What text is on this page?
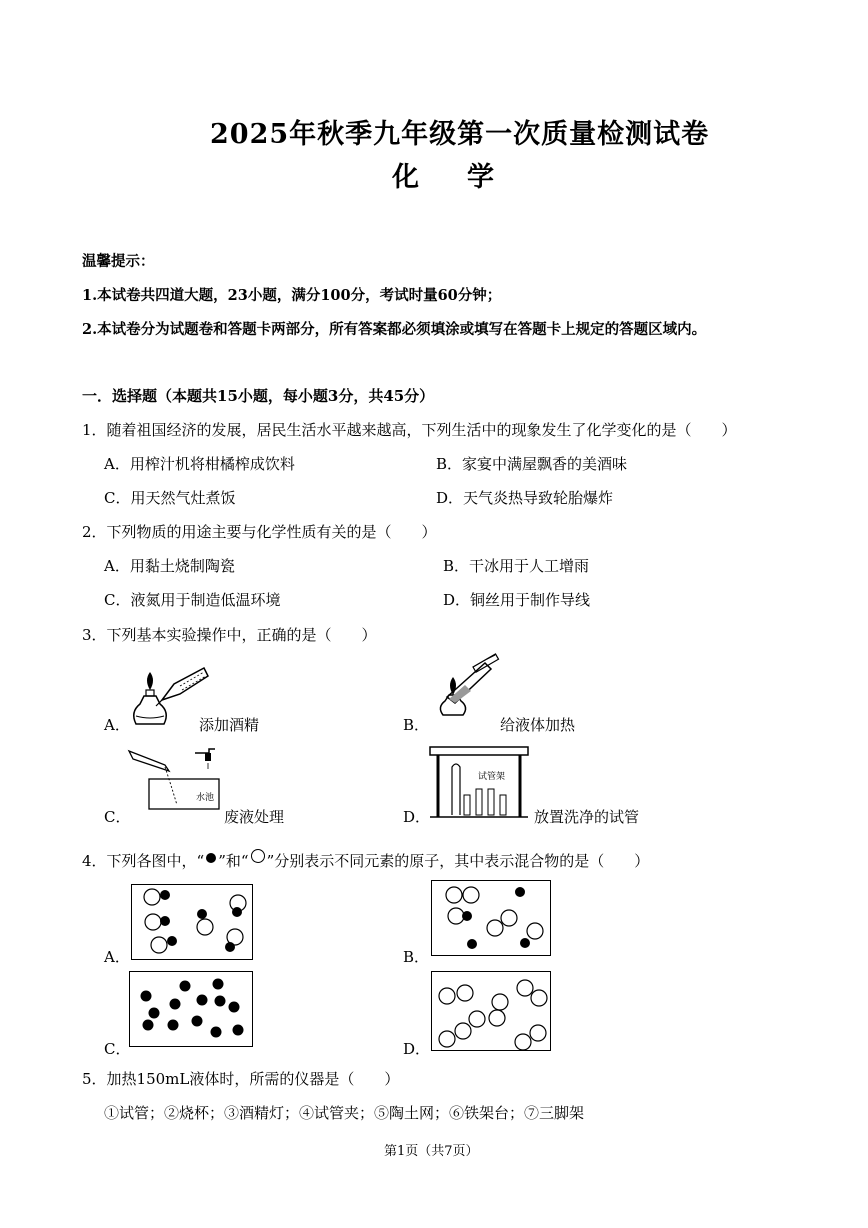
2025年秋季九年级第一次质量检测试卷
化学
温馨提示：
1.本试卷共四道大题，23小题，满分100分，考试时量60分钟；
2.本试卷分为试题卷和答题卡两部分，所有答案都必须填涂或填写在答题卡上规定的答题区域内。
一．选择题（本题共15小题，每小题3分，共45分）
1．随着祖国经济的发展，居民生活水平越来越高，下列生活中的现象发生了化学变化的是（　　）
A．用榨汁机将柑橘榨成饮料	B．家宴中满屋飘香的美酒味
C．用天然气灶煮饭	D．天气炎热导致轮胎爆炸
2．下列物质的用途主要与化学性质有关的是（　　）
A．用黏土烧制陶瓷	B．干冰用于人工增雨
C．液氮用于制造低温环境	D．铜丝用于制作导线
3．下列基本实验操作中，正确的是（　　）
A．	添加酒精	B．	给液体加热
水池
C．	废液处理
试管架
D．	放置洗净的试管
4．下列各图中，“ ”和“ ”分别表示不同元素的原子，其中表示混合物的是（　　）
A．	B．
C．	D．
5．加热150mL液体时，所需的仪器是（　　）
①试管；②烧杯；③酒精灯；④试管夹；⑤陶土网；⑥铁架台；⑦三脚架
第1页（共7页）
